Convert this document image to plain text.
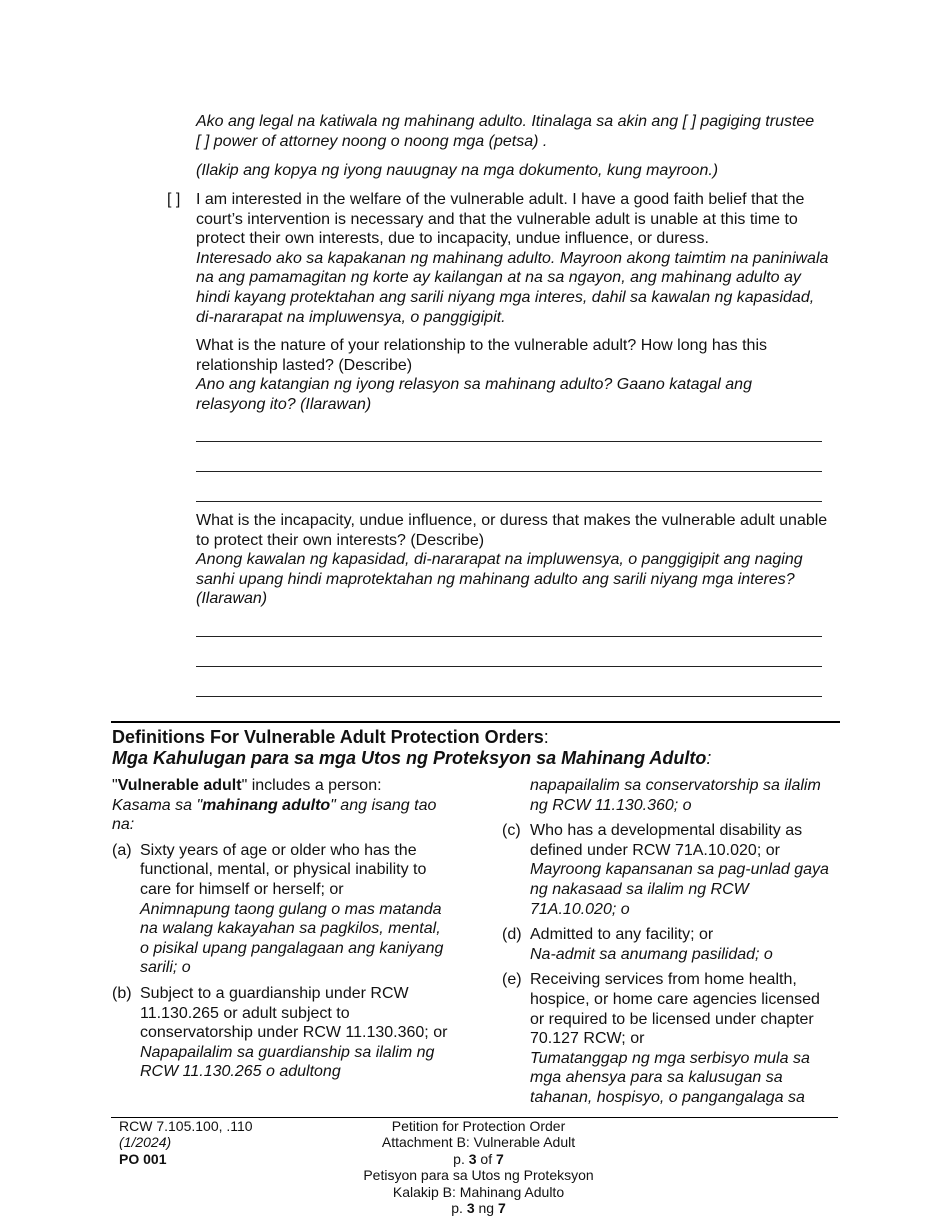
Ako ang legal na katiwala ng mahinang adulto. Itinalaga sa akin ang [ ] pagiging trustee [ ] power of attorney noong o noong mga (petsa) .
(Ilakip ang kopya ng iyong nauugnay na mga dokumento, kung mayroon.)
[ ] I am interested in the welfare of the vulnerable adult. I have a good faith belief that the court’s intervention is necessary and that the vulnerable adult is unable at this time to protect their own interests, due to incapacity, undue influence, or duress.

Interesado ako sa kapakanan ng mahinang adulto. Mayroon akong taimtim na paniniwala na ang pamamagitan ng korte ay kailangan at na sa ngayon, ang mahinang adulto ay hindi kayang protektahan ang sarili niyang mga interes, dahil sa kawalan ng kapasidad, di-nararapat na impluwensya, o panggigipit.

What is the nature of your relationship to the vulnerable adult? How long has this relationship lasted? (Describe)

Ano ang katangian ng iyong relasyon sa mahinang adulto? Gaano katagal ang relasyong ito? (Ilarawan)

What is the incapacity, undue influence, or duress that makes the vulnerable adult unable to protect their own interests? (Describe)

Anong kawalan ng kapasidad, di-nararapat na impluwensya, o panggigipit ang naging sanhi upang hindi maprotektahan ng mahinang adulto ang sarili niyang mga interes? (Ilarawan)

Definitions For Vulnerable Adult Protection Orders:
Mga Kahulugan para sa mga Utos ng Proteksyon sa Mahinang Adulto:

"Vulnerable adult" includes a person:

Kasama sa "mahinang adulto" ang isang tao na:

(a) Sixty years of age or older who has the functional, mental, or physical inability to care for himself or herself; or

Animnapung taong gulang o mas matanda na walang kakayahan sa pagkilos, mental, o pisikal upang pangalagaan ang kaniyang sarili; o

(b) Subject to a guardianship under RCW 11.130.265 or adult subject to conservatorship under RCW 11.130.360; or

Napapailalim sa guardianship sa ilalim ng RCW 11.130.265 o adultong

napapailalim sa conservatorship sa ilalim ng RCW 11.130.360; o

(c) Who has a developmental disability as defined under RCW 71A.10.020; or

Mayroong kapansanan sa pag-unlad gaya ng nakasaad sa ilalim ng RCW 71A.10.020; o

(d) Admitted to any facility; or

Na-admit sa anumang pasilidad; o

(e) Receiving services from home health, hospice, or home care agencies licensed or required to be licensed under chapter 70.127 RCW; or

Tumatanggap ng mga serbisyo mula sa mga ahensya para sa kalusugan sa tahanan, hospisyo, o pangangalaga sa

RCW 7.105.100, .110
(1/2024)
PO 001
Petition for Protection Order
Attachment B: Vulnerable Adult
p. 3 of 7
Petisyon para sa Utos ng Proteksyon
Kalakip B: Mahinang Adulto
p. 3 ng 7
